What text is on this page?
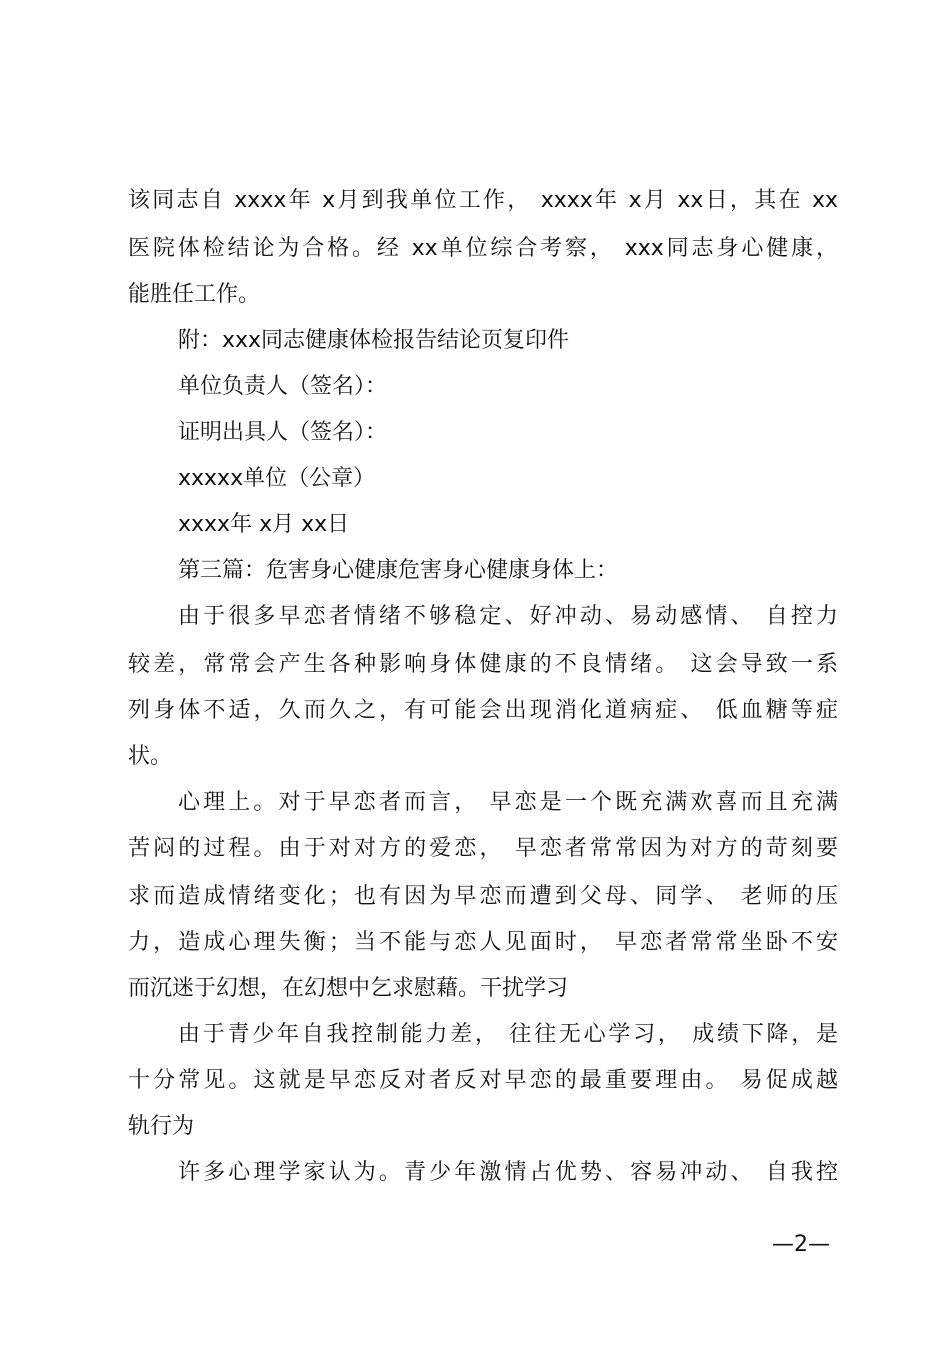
该同志自 xxxx年 x月到我单位工作， xxxx年 x月 xx日，其在 xx
医院体检结论为合格。经 xx单位综合考察， xxx同志身心健康，
能胜任工作。
附：xxx同志健康体检报告结论页复印件
单位负责人（签名）：
证明出具人（签名）：
xxxxx单位（公章）
xxxx年 x月 xx日
第三篇：危害身心健康危害身心健康身体上：
由于很多早恋者情绪不够稳定、好冲动、易动感情、 自控力
较差，常常会产生各种影响身体健康的不良情绪。 这会导致一系
列身体不适，久而久之，有可能会出现消化道病症、 低血糖等症
状。
心理上。对于早恋者而言， 早恋是一个既充满欢喜而且充满
苦闷的过程。由于对对方的爱恋， 早恋者常常因为对方的苛刻要
求而造成情绪变化；也有因为早恋而遭到父母、同学、 老师的压
力，造成心理失衡；当不能与恋人见面时， 早恋者常常坐卧不安
而沉迷于幻想，在幻想中乞求慰藉。干扰学习
由于青少年自我控制能力差， 往往无心学习， 成绩下降，是
十分常见。这就是早恋反对者反对早恋的最重要理由。 易促成越
轨行为
许多心理学家认为。青少年激情占优势、容易冲动、 自我控
—2—
